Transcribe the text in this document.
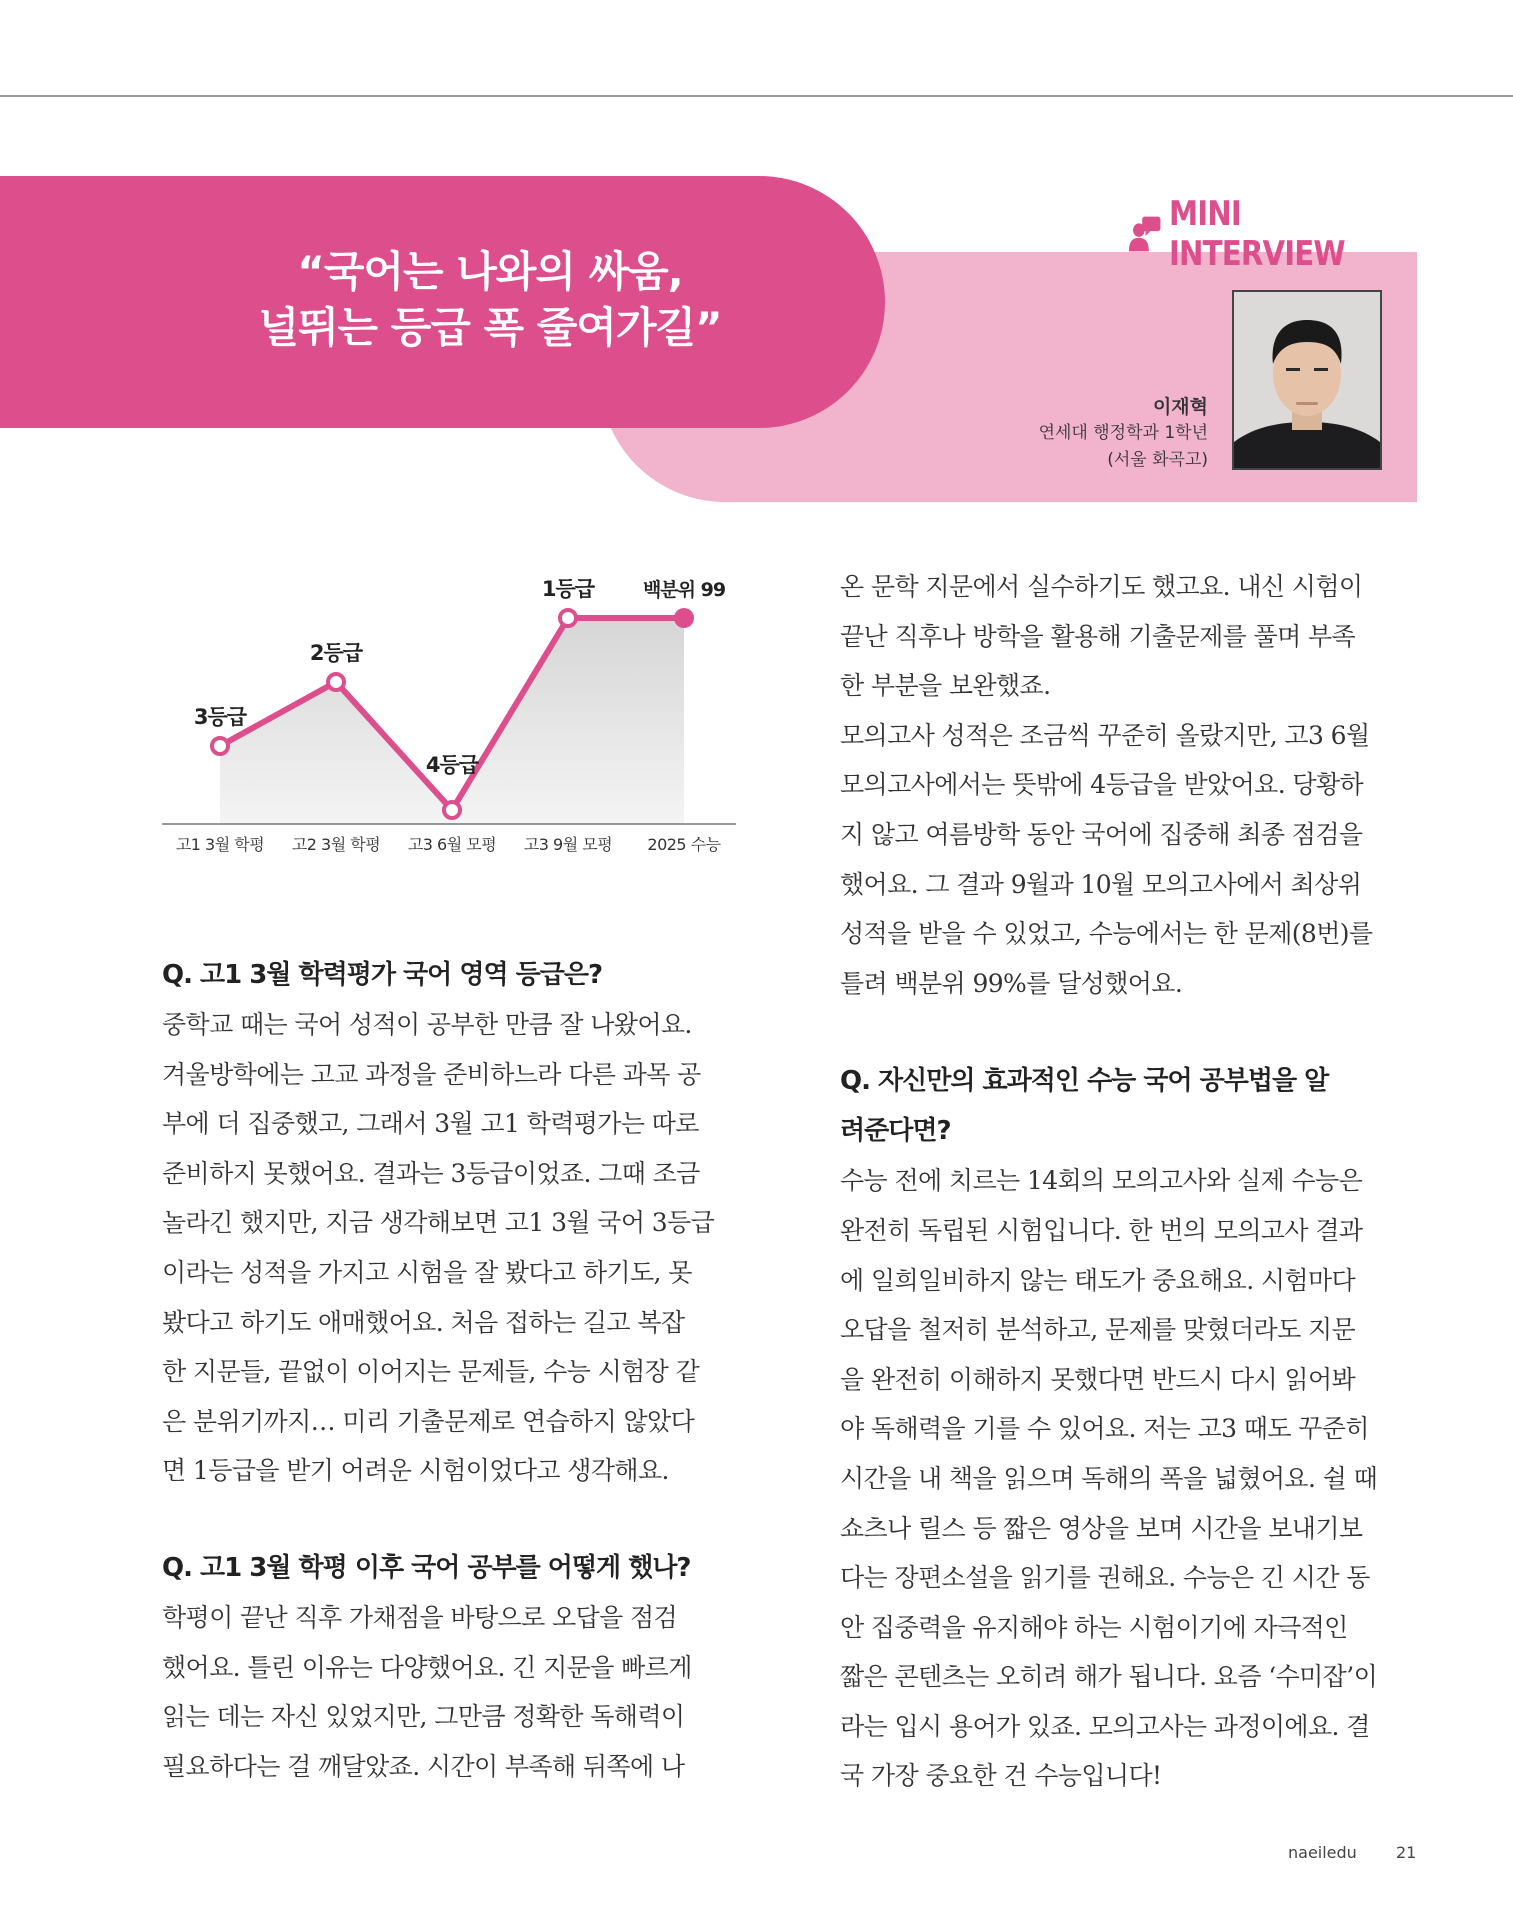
“국어는 나와의 싸움,
널뛰는 등급 폭 줄여가길”
MINI INTERVIEW
이재혁
연세대 행정학과 1학년
(서울 화곡고)
3등급
2등급
4등급
1등급	백분위 99
고1 3월 학평 고2 3월 학평 고3 6월 모평 고3 9월 모평 2025 수능

Q. 고1 3월 학력평가 국어 영역 등급은?

중학교 때는 국어 성적이 공부한 만큼 잘 나왔어요.

겨울방학에는 고교 과정을 준비하느라 다른 과목 공

부에 더 집중했고, 그래서 3월 고1 학력평가는 따로

준비하지 못했어요. 결과는 3등급이었죠. 그때 조금

놀라긴 했지만, 지금 생각해보면 고1 3월 국어 3등급

이라는 성적을 가지고 시험을 잘 봤다고 하기도, 못

봤다고 하기도 애매했어요. 처음 접하는 길고 복잡

한 지문들, 끝없이 이어지는 문제들, 수능 시험장 같

은 분위기까지… 미리 기출문제로 연습하지 않았다

면 1등급을 받기 어려운 시험이었다고 생각해요.

Q. 고1 3월 학평 이후 국어 공부를 어떻게 했나?

학평이 끝난 직후 가채점을 바탕으로 오답을 점검

했어요. 틀린 이유는 다양했어요. 긴 지문을 빠르게

읽는 데는 자신 있었지만, 그만큼 정확한 독해력이

필요하다는 걸 깨달았죠. 시간이 부족해 뒤쪽에 나

온 문학 지문에서 실수하기도 했고요. 내신 시험이

끝난 직후나 방학을 활용해 기출문제를 풀며 부족

한 부분을 보완했죠.

모의고사 성적은 조금씩 꾸준히 올랐지만, 고3 6월

모의고사에서는 뜻밖에 4등급을 받았어요. 당황하

지 않고 여름방학 동안 국어에 집중해 최종 점검을

했어요. 그 결과 9월과 10월 모의고사에서 최상위

성적을 받을 수 있었고, 수능에서는 한 문제(8번)를

틀려 백분위 99%를 달성했어요.

Q. 자신만의 효과적인 수능 국어 공부법을 알

려준다면?

수능 전에 치르는 14회의 모의고사와 실제 수능은

완전히 독립된 시험입니다. 한 번의 모의고사 결과

에 일희일비하지 않는 태도가 중요해요. 시험마다

오답을 철저히 분석하고, 문제를 맞혔더라도 지문

을 완전히 이해하지 못했다면 반드시 다시 읽어봐

야 독해력을 기를 수 있어요. 저는 고3 때도 꾸준히

시간을 내 책을 읽으며 독해의 폭을 넓혔어요. 쉴 때

쇼츠나 릴스 등 짧은 영상을 보며 시간을 보내기보

다는 장편소설을 읽기를 권해요. 수능은 긴 시간 동

안 집중력을 유지해야 하는 시험이기에 자극적인

짧은 콘텐츠는 오히려 해가 됩니다. 요즘 ‘수미잡’이

라는 입시 용어가 있죠. 모의고사는 과정이에요. 결

국 가장 중요한 건 수능입니다!

naeiledu 21
